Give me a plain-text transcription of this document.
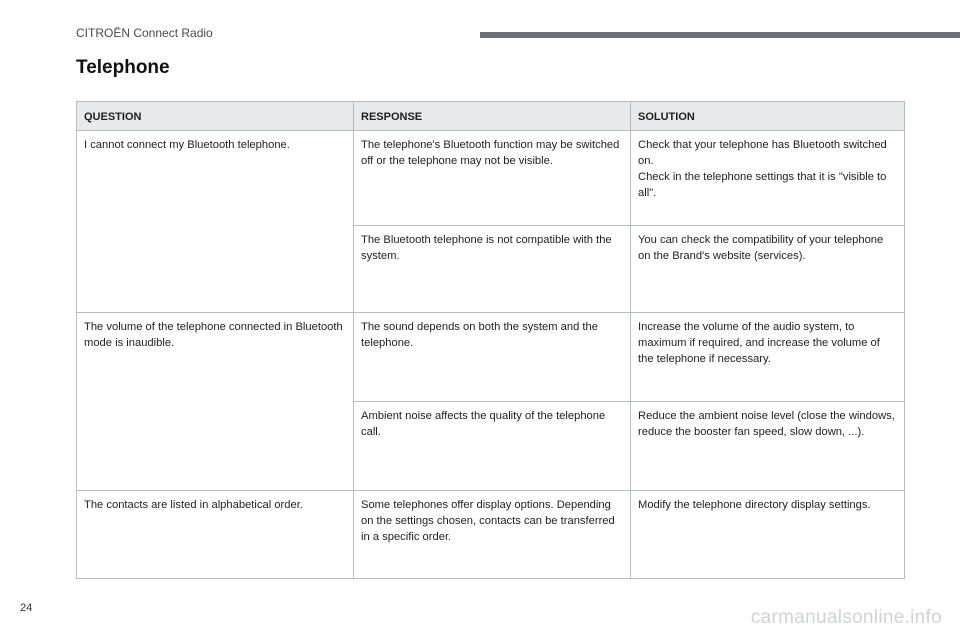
CITROËN Connect Radio
Telephone
QUESTION	RESPONSE	SOLUTION
I cannot connect my Bluetooth telephone.	The telephone's Bluetooth function may be switched off or the telephone may not be visible.	Check that your telephone has Bluetooth switched on.
Check in the telephone settings that it is "visible to all".

	The Bluetooth telephone is not compatible with the system.	You can check the compatibility of your telephone on the Brand's website (services).
The volume of the telephone connected in Bluetooth mode is inaudible.	The sound depends on both the system and the telephone.	Increase the volume of the audio system, to maximum if required, and increase the volume of the telephone if necessary.
	Ambient noise affects the quality of the telephone call.	Reduce the ambient noise level (close the windows, reduce the booster fan speed, slow down, ...).
The contacts are listed in alphabetical order.	Some telephones offer display options. Depending on the settings chosen, contacts can be transferred in a specific order.	Modify the telephone directory display settings.
24	carmanualsonline.info
